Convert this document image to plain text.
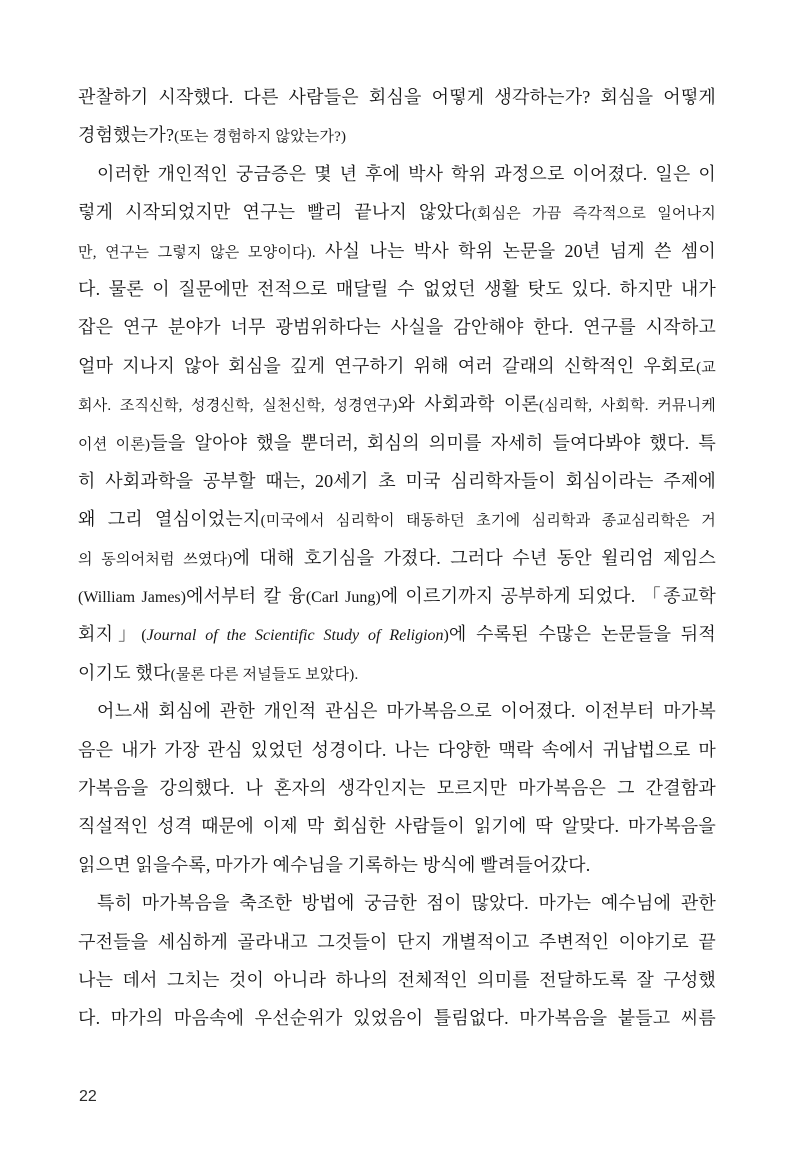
관찰하기 시작했다. 다른 사람들은 회심을 어떻게 생각하는가? 회심을 어떻게
경험했는가?(또는 경험하지 않았는가?)
이러한 개인적인 궁금증은 몇 년 후에 박사 학위 과정으로 이어졌다. 일은 이
렇게 시작되었지만 연구는 빨리 끝나지 않았다(회심은 가끔 즉각적으로 일어나지
만, 연구는 그렇지 않은 모양이다). 사실 나는 박사 학위 논문을 20년 넘게 쓴 셈이
다. 물론 이 질문에만 전적으로 매달릴 수 없었던 생활 탓도 있다. 하지만 내가
잡은 연구 분야가 너무 광범위하다는 사실을 감안해야 한다. 연구를 시작하고
얼마 지나지 않아 회심을 깊게 연구하기 위해 여러 갈래의 신학적인 우회로(교
회사. 조직신학, 성경신학, 실천신학, 성경연구)와 사회과학 이론(심리학, 사회학. 커뮤니케
이션 이론)들을 알아야 했을 뿐더러, 회심의 의미를 자세히 들여다봐야 했다. 특
히 사회과학을 공부할 때는, 20세기 초 미국 심리학자들이 회심이라는 주제에
왜 그리 열심이었는지(미국에서 심리학이 태동하던 초기에 심리학과 종교심리학은 거
의 동의어처럼 쓰였다)에 대해 호기심을 가졌다. 그러다 수년 동안 윌리엄 제임스
(William James)에서부터 칼 융(Carl Jung)에 이르기까지 공부하게 되었다. 「종교학
회지」(Journal of the Scientific Study of Religion)에 수록된 수많은 논문들을 뒤적
이기도 했다(물론 다른 저널들도 보았다).
어느새 회심에 관한 개인적 관심은 마가복음으로 이어졌다. 이전부터 마가복
음은 내가 가장 관심 있었던 성경이다. 나는 다양한 맥락 속에서 귀납법으로 마
가복음을 강의했다. 나 혼자의 생각인지는 모르지만 마가복음은 그 간결함과
직설적인 성격 때문에 이제 막 회심한 사람들이 읽기에 딱 알맞다. 마가복음을
읽으면 읽을수록, 마가가 예수님을 기록하는 방식에 빨려들어갔다.
특히 마가복음을 축조한 방법에 궁금한 점이 많았다. 마가는 예수님에 관한
구전들을 세심하게 골라내고 그것들이 단지 개별적이고 주변적인 이야기로 끝
나는 데서 그치는 것이 아니라 하나의 전체적인 의미를 전달하도록 잘 구성했
다. 마가의 마음속에 우선순위가 있었음이 틀림없다. 마가복음을 붙들고 씨름
22
